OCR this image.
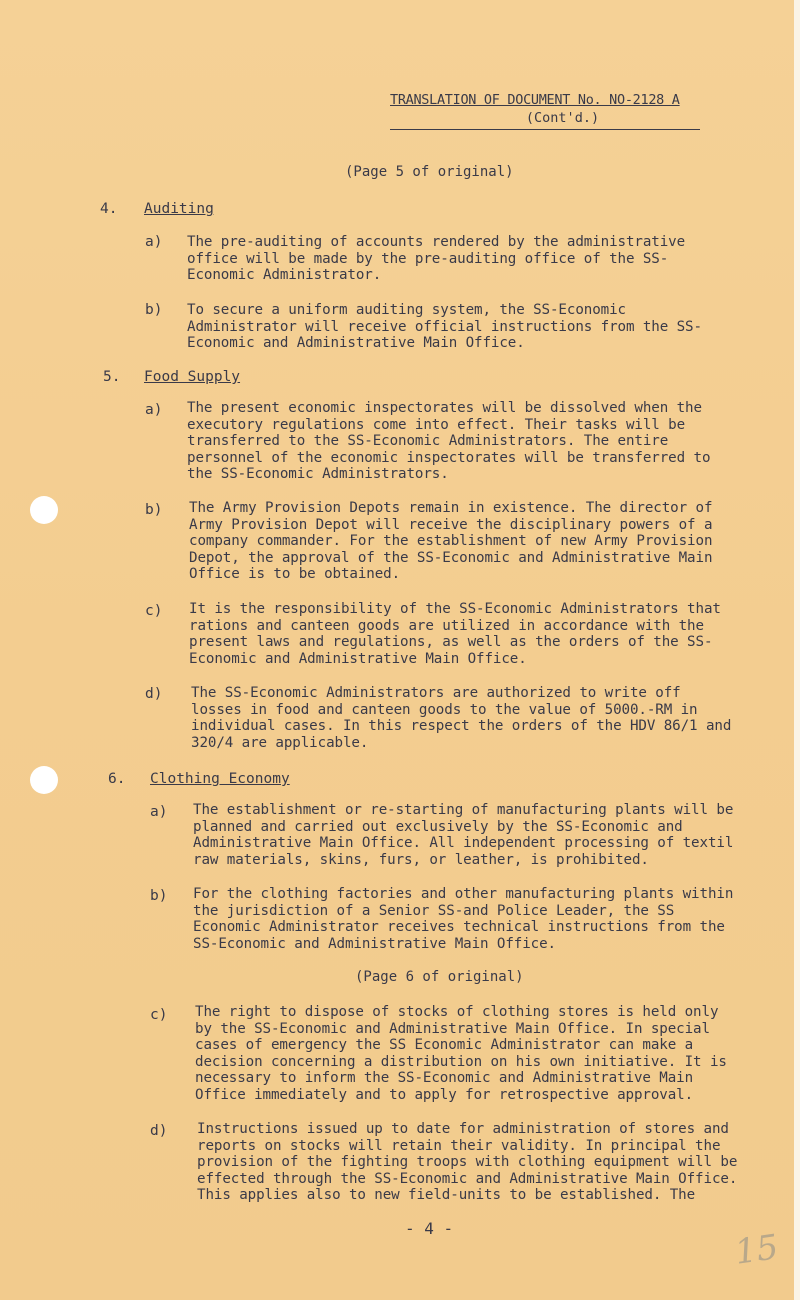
TRANSLATION OF DOCUMENT No. NO-2128 A
(Cont'd.)
(Page 5 of original)
4. Auditing
a) The pre-auditing of accounts rendered by the administrative office will be made by the pre-auditing office of the SS-Economic Administrator.
b) To secure a uniform auditing system, the SS-Economic Administrator will receive official instructions from the SS-Economic and Administrative Main Office.
5. Food Supply
a) The present economic inspectorates will be dissolved when the executory regulations come into effect. Their tasks will be transferred to the SS-Economic Administrators. The entire personnel of the economic inspectorates will be transferred to the SS-Economic Administrators.
b) The Army Provision Depots remain in existence. The director of Army Provision Depot will receive the disciplinary powers of a company commander. For the establishment of new Army Provision Depot, the approval of the SS-Economic and Administrative Main Office is to be obtained.
c) It is the responsibility of the SS-Economic Administrators that rations and canteen goods are utilized in accordance with the present laws and regulations, as well as the orders of the SS-Economic and Administrative Main Office.
d) The SS-Economic Administrators are authorized to write off losses in food and canteen goods to the value of 5000.-RM in individual cases. In this respect the orders of the HDV 86/1 and 320/4 are applicable.
6. Clothing Economy
a) The establishment or re-starting of manufacturing plants will be planned and carried out exclusively by the SS-Economic and Administrative Main Office. All independent processing of textil raw materials, skins, furs, or leather, is prohibited.
b) For the clothing factories and other manufacturing plants within the jurisdiction of a Senior SS-and Police Leader, the SS Economic Administrator receives technical instructions from the SS-Economic and Administrative Main Office.
(Page 6 of original)
c) The right to dispose of stocks of clothing stores is held only by the SS-Economic and Administrative Main Office. In special cases of emergency the SS Economic Administrator can make a decision concerning a distribution on his own initiative. It is necessary to inform the SS-Economic and Administrative Main Office immediately and to apply for retrospective approval.
d) Instructions issued up to date for administration of stores and reports on stocks will retain their validity. In principal the provision of the fighting troops with clothing equipment will be effected through the SS-Economic and Administrative Main Office. This applies also to new field-units to be established. The
- 4 -	15
